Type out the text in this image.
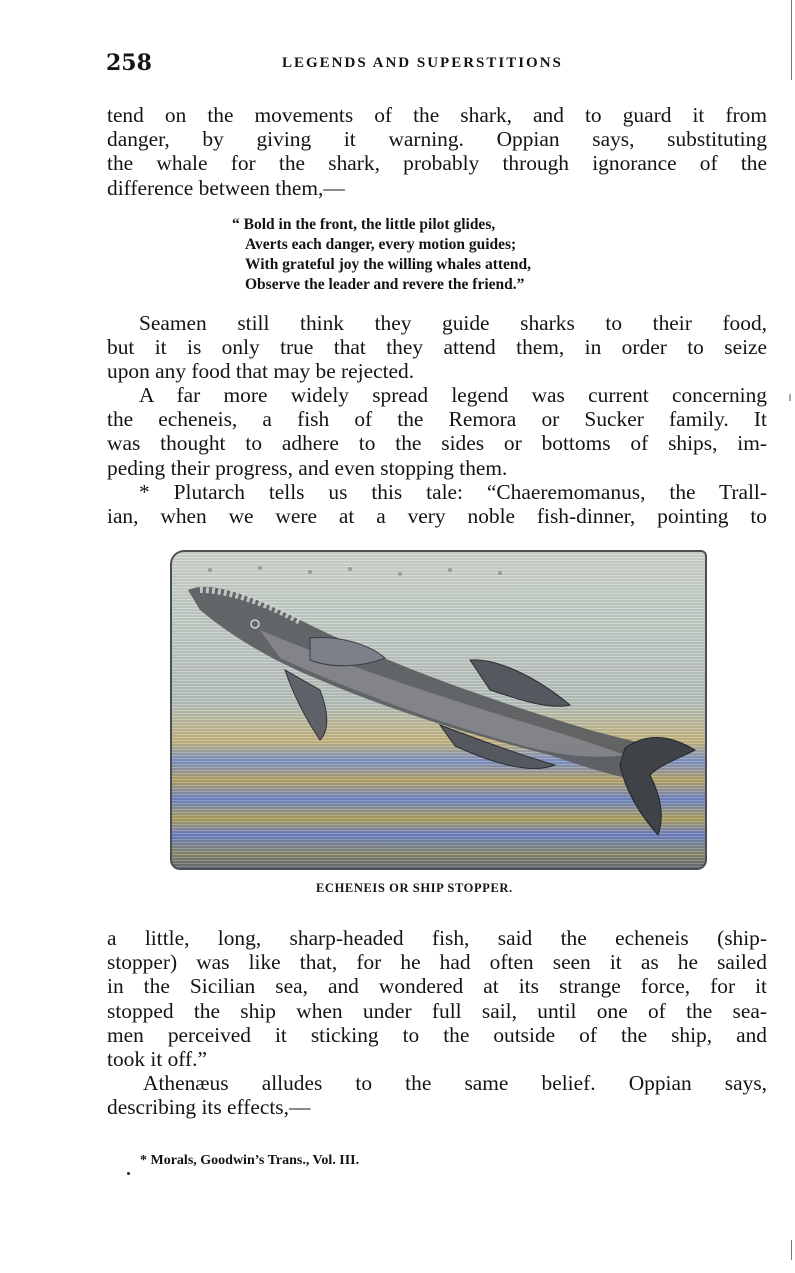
258	LEGENDS AND SUPERSTITIONS
tend on the movements of the shark, and to guard it from
danger, by giving it warning. Oppian says, substituting
the whale for the shark, probably through ignorance of the
difference between them,—
“ Bold in the front, the little pilot glides,
Averts each danger, every motion guides;
With grateful joy the willing whales attend,
Observe the leader and revere the friend.”
Seamen still think they guide sharks to their food,
but it is only true that they attend them, in order to seize
upon any food that may be rejected.
A far more widely spread legend was current concerning
the echeneis, a fish of the Remora or Sucker family. It
was thought to adhere to the sides or bottoms of ships, im-
peding their progress, and even stopping them.
* Plutarch tells us this tale: “Chaeremomanus, the Trall-
ian, when we were at a very noble fish-dinner, pointing to
ECHENEIS OR SHIP STOPPER.
a little, long, sharp-headed fish, said the echeneis (ship-
stopper) was like that, for he had often seen it as he sailed
in the Sicilian sea, and wondered at its strange force, for it
stopped the ship when under full sail, until one of the sea-
men perceived it sticking to the outside of the ship, and
took it off.”
Athenæus alludes to the same belief. Oppian says,
describing its effects,—
* Morals, Goodwin’s Trans., Vol. III.
